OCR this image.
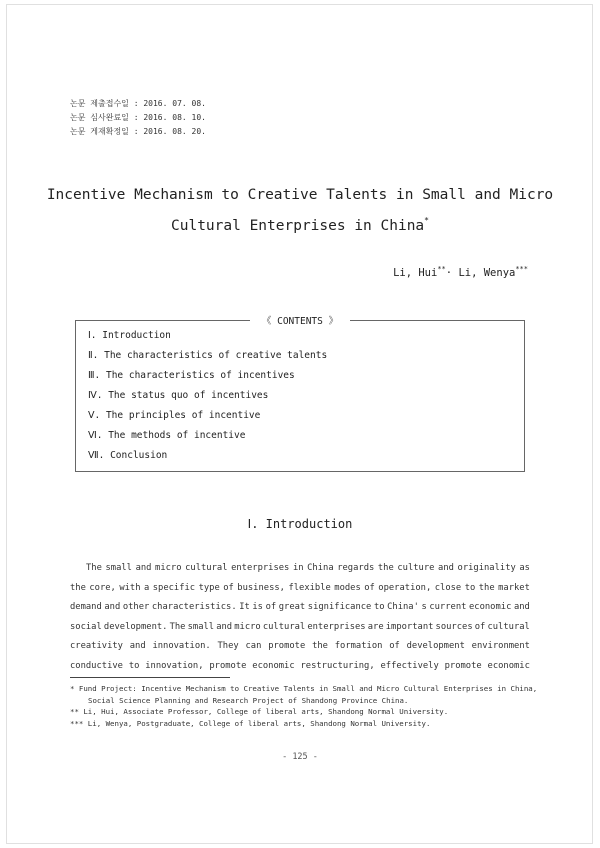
논문 제출접수일 : 2016. 07. 08.
논문 심사완료일 : 2016. 08. 10.
논문 게재확정일 : 2016. 08. 20.
Incentive Mechanism to Creative Talents in Small and Micro
Cultural Enterprises in China*
Li, Hui**· Li, Wenya***
《 CONTENTS 》
Ⅰ. Introduction
Ⅱ. The characteristics of creative talents
Ⅲ. The characteristics of incentives
Ⅳ. The status quo of incentives
Ⅴ. The principles of incentive
Ⅵ. The methods of incentive
Ⅶ. Conclusion
Ⅰ. Introduction
The small and micro cultural enterprises in China regards the culture and originality as
the core, with a specific type of business, flexible modes of operation, close to the market
demand and other characteristics. It is of great significance to China' s current economic and
social development. The small and micro cultural enterprises are important sources of cultural
creativity and innovation. They can promote the formation of development environment
conductive to innovation, promote economic restructuring, effectively promote economic
* Fund Project: Incentive Mechanism to Creative Talents in Small and Micro Cultural Enterprises in China,
Social Science Planning and Research Project of Shandong Province China.
** Li, Hui, Associate Professor, College of liberal arts, Shandong Normal University.
*** Li, Wenya, Postgraduate, College of liberal arts, Shandong Normal University.
- 125 -
